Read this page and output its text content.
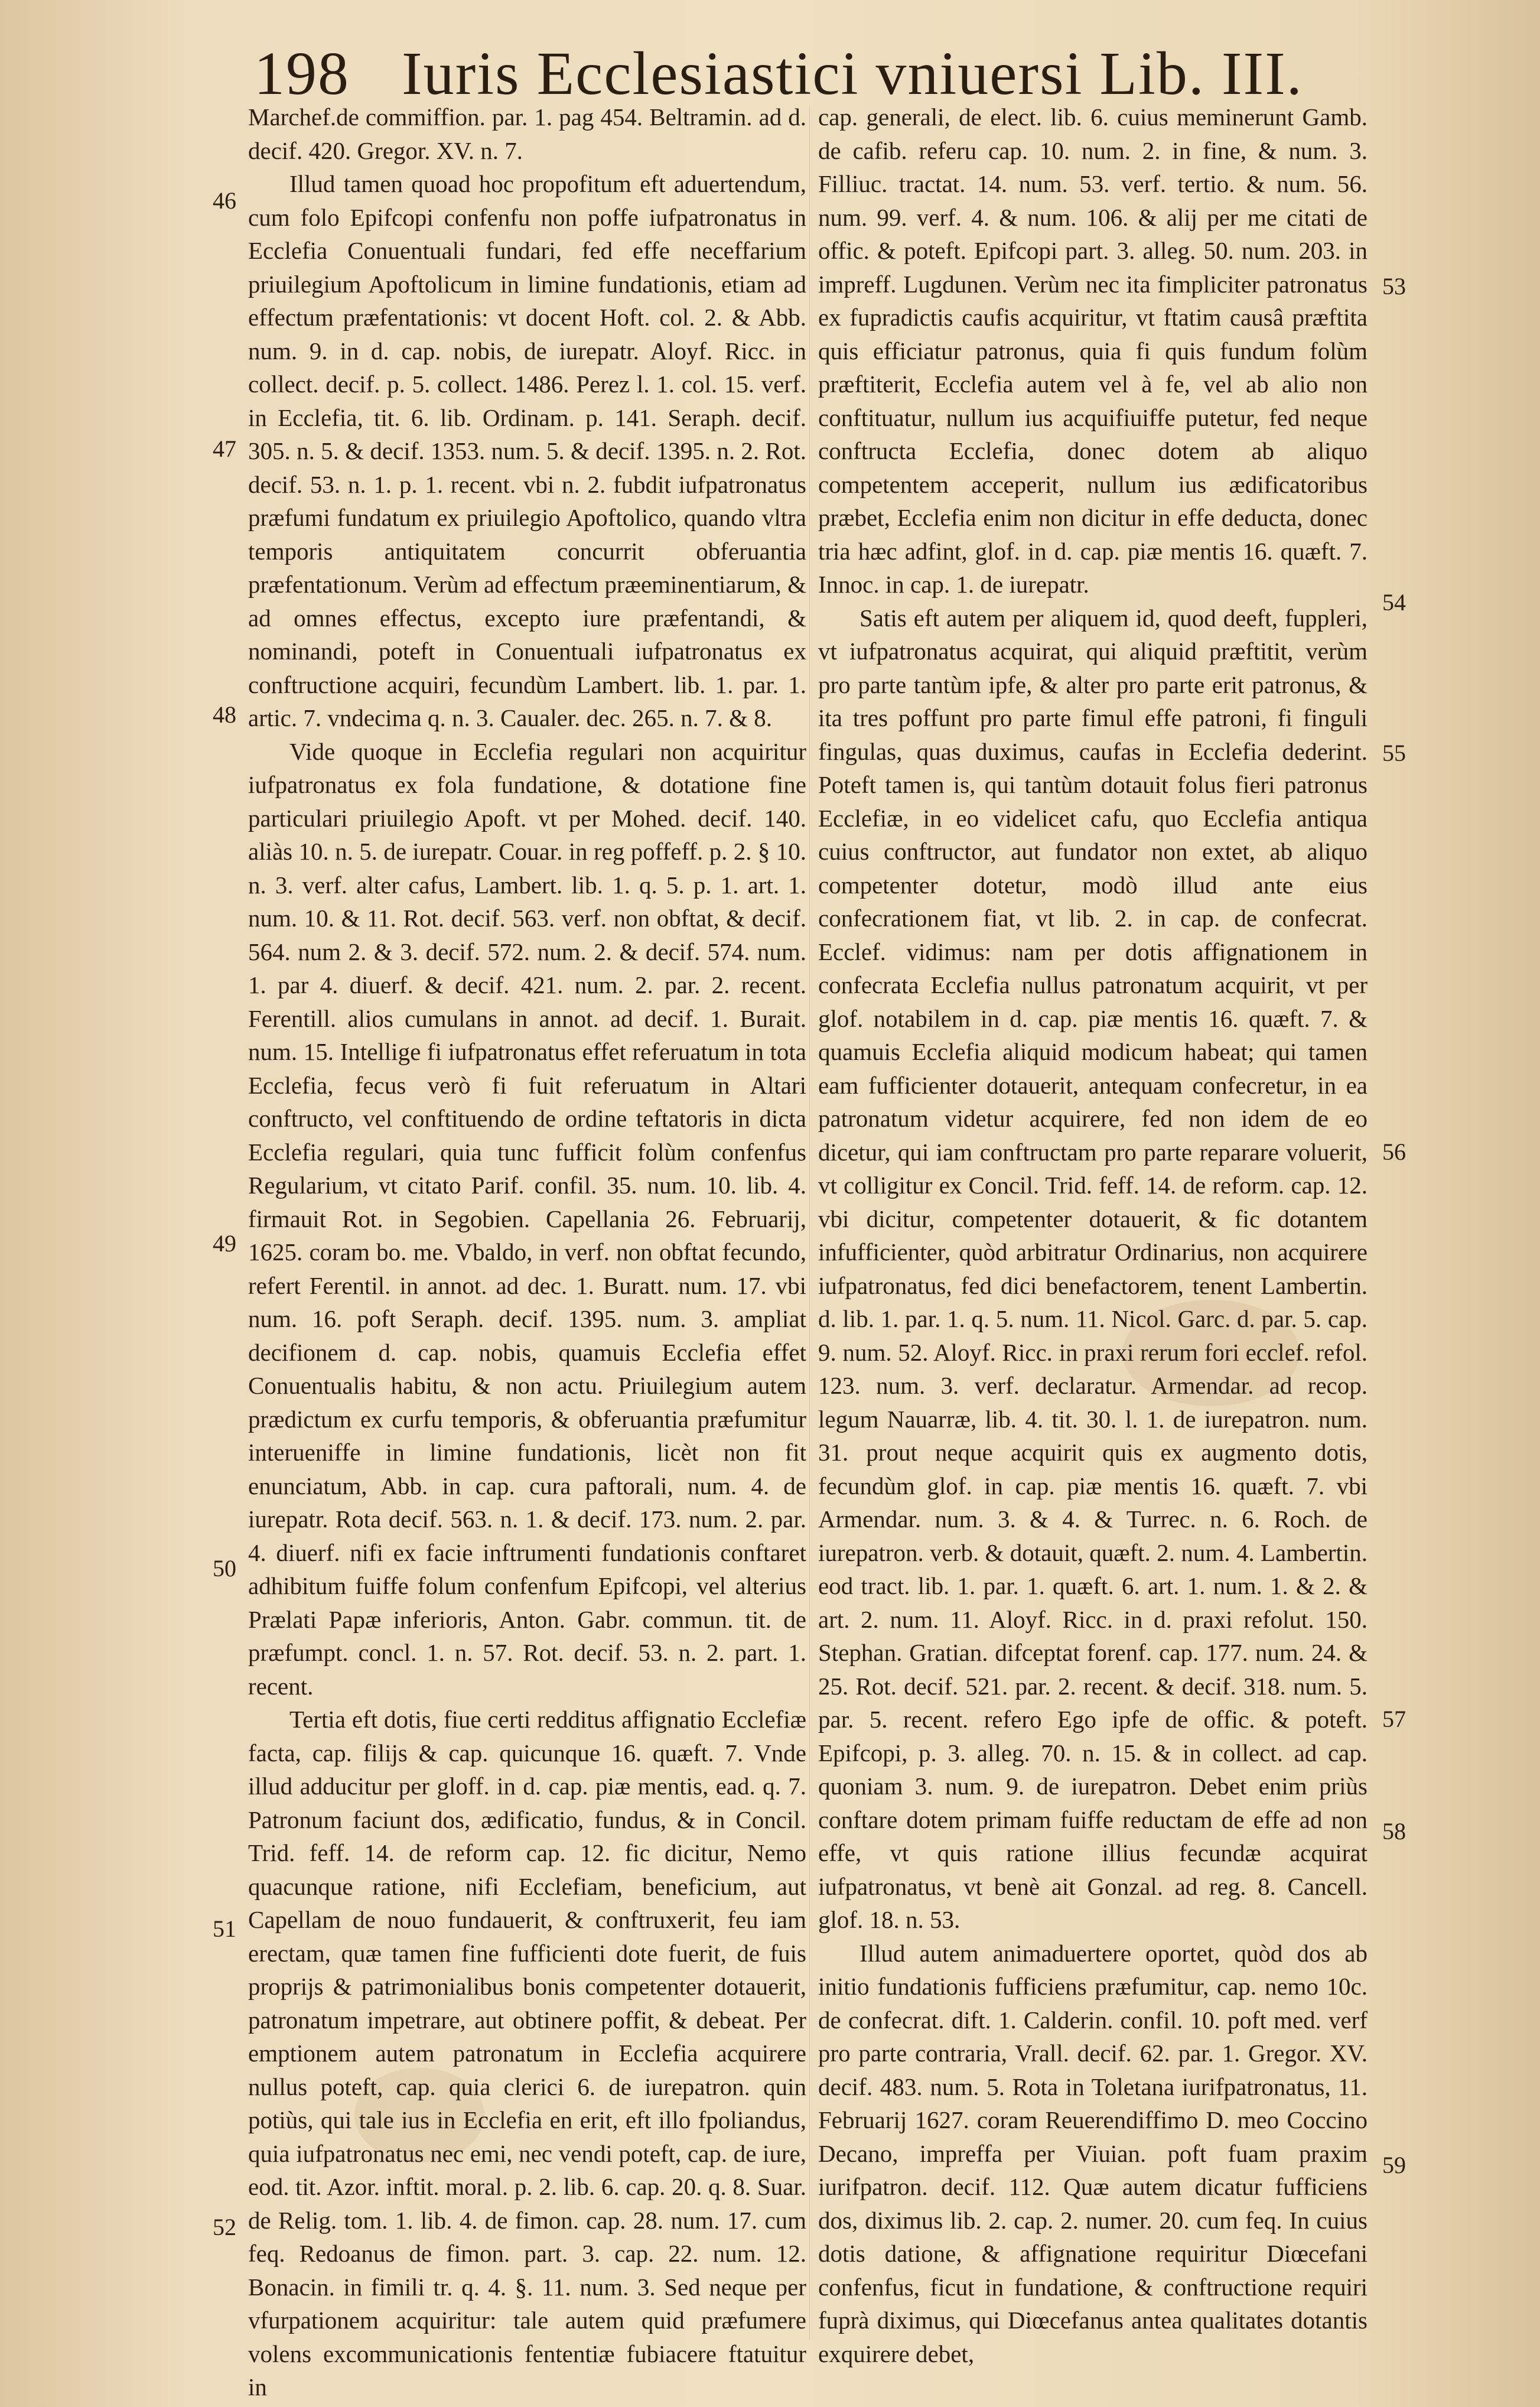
198 Iuris Ecclesiastici vniuersi Lib. III.

Marchef.de commiffion. par. 1. pag 454. Beltramin. ad d. decif. 420. Gregor. XV. n. 7.

Illud tamen quoad hoc propofitum eft aduertendum, cum folo Epifcopi confenfu non poffe iufpatronatus in Ecclefia Conuentuali fundari, fed effe neceffarium priuilegium Apoftolicum in limine fundationis, etiam ad effectum præfentationis: vt docent Hoft. col. 2. & Abb. num. 9. in d. cap. nobis, de iurepatr. Aloyf. Ricc. in collect. decif. p. 5. collect. 1486. Perez l. 1. col. 15. verf. in Ecclefia, tit. 6. lib. Ordinam. p. 141. Seraph. decif. 305. n. 5. & decif. 1353. num. 5. & decif. 1395. n. 2. Rot. decif. 53. n. 1. p. 1. recent. vbi n. 2. fubdit iufpatronatus præfumi fundatum ex priuilegio Apoftolico, quando vltra temporis antiquitatem concurrit obferuantia præfentationum. Verùm ad effectum præeminentiarum, & ad omnes effectus, excepto iure præfentandi, & nominandi, poteft in Conuentuali iufpatronatus ex conftructione acquiri, fecundùm Lambert. lib. 1. par. 1. artic. 7. vndecima q. n. 3. Caualer. dec. 265. n. 7. & 8.

Vide quoque in Ecclefia regulari non acquiritur iufpatronatus ex fola fundatione, & dotatione fine particulari priuilegio Apoft. vt per Mohed. decif. 140. aliàs 10. n. 5. de iurepatr. Couar. in reg poffeff. p. 2. § 10. n. 3. verf. alter cafus, Lambert. lib. 1. q. 5. p. 1. art. 1. num. 10. & 11. Rot. decif. 563. verf. non obftat, & decif. 564. num 2. & 3. decif. 572. num. 2. & decif. 574. num. 1. par 4. diuerf. & decif. 421. num. 2. par. 2. recent. Ferentill. alios cumulans in annot. ad decif. 1. Burait. num. 15. Intellige fi iufpatronatus effet referuatum in tota Ecclefia, fecus verò fi fuit referuatum in Altari conftructo, vel conftituendo de ordine teftatoris in dicta Ecclefia regulari, quia tunc fufficit folùm confenfus Regularium, vt citato Parif. confil. 35. num. 10. lib. 4. firmauit Rot. in Segobien. Capellania 26. Februarij, 1625. coram bo. me. Vbaldo, in verf. non obftat fecundo, refert Ferentil. in annot. ad dec. 1. Buratt. num. 17. vbi num. 16. poft Seraph. decif. 1395. num. 3. ampliat decifionem d. cap. nobis, quamuis Ecclefia effet Conuentualis habitu, & non actu. Priuilegium autem prædictum ex curfu temporis, & obferuantia præfumitur interueniffe in limine fundationis, licèt non fit enunciatum, Abb. in cap. cura paftorali, num. 4. de iurepatr. Rota decif. 563. n. 1. & decif. 173. num. 2. par. 4. diuerf. nifi ex facie inftrumenti fundationis conftaret adhibitum fuiffe folum confenfum Epifcopi, vel alterius Prælati Papæ inferioris, Anton. Gabr. commun. tit. de præfumpt. concl. 1. n. 57. Rot. decif. 53. n. 2. part. 1. recent.

Tertia eft dotis, fiue certi redditus affignatio Ecclefiæ facta, cap. filijs & cap. quicunque 16. quæft. 7. Vnde illud adducitur per gloff. in d. cap. piæ mentis, ead. q. 7. Patronum faciunt dos, ædificatio, fundus, & in Concil. Trid. feff. 14. de reform cap. 12. fic dicitur, Nemo quacunque ratione, nifi Ecclefiam, beneficium, aut Capellam de nouo fundauerit, & conftruxerit, feu iam erectam, quæ tamen fine fufficienti dote fuerit, de fuis proprijs & patrimonialibus bonis competenter dotauerit, patronatum impetrare, aut obtinere poffit, & debeat. Per emptionem autem patronatum in Ecclefia acquirere nullus poteft, cap. quia clerici 6. de iurepatron. quin potiùs, qui tale ius in Ecclefia en erit, eft illo fpoliandus, quia iufpatronatus nec emi, nec vendi poteft, cap. de iure, eod. tit. Azor. inftit. moral. p. 2. lib. 6. cap. 20. q. 8. Suar. de Relig. tom. 1. lib. 4. de fimon. cap. 28. num. 17. cum feq. Redoanus de fimon. part. 3. cap. 22. num. 12. Bonacin. in fimili tr. q. 4. §. 11. num. 3. Sed neque per vfurpationem acquiritur: tale autem quid præfumere volens excommunicationis fententiæ fubiacere ftatuitur in

cap. generali, de elect. lib. 6. cuius meminerunt Gamb. de cafib. referu cap. 10. num. 2. in fine, & num. 3. Filliuc. tractat. 14. num. 53. verf. tertio. & num. 56. num. 99. verf. 4. & num. 106. & alij per me citati de offic. & poteft. Epifcopi part. 3. alleg. 50. num. 203. in impreff. Lugdunen. Verùm nec ita fimpliciter patronatus ex fupradictis caufis acquiritur, vt ftatim causâ præftita quis efficiatur patronus, quia fi quis fundum folùm præftiterit, Ecclefia autem vel à fe, vel ab alio non conftituatur, nullum ius acquifiuiffe putetur, fed neque conftructa Ecclefia, donec dotem ab aliquo competentem acceperit, nullum ius ædificatoribus præbet, Ecclefia enim non dicitur in effe deducta, donec tria hæc adfint, glof. in d. cap. piæ mentis 16. quæft. 7. Innoc. in cap. 1. de iurepatr.

Satis eft autem per aliquem id, quod deeft, fuppleri, vt iufpatronatus acquirat, qui aliquid præftitit, verùm pro parte tantùm ipfe, & alter pro parte erit patronus, & ita tres poffunt pro parte fimul effe patroni, fi finguli fingulas, quas duximus, caufas in Ecclefia dederint. Poteft tamen is, qui tantùm dotauit folus fieri patronus Ecclefiæ, in eo videlicet cafu, quo Ecclefia antiqua cuius conftructor, aut fundator non extet, ab aliquo competenter dotetur, modò illud ante eius confecrationem fiat, vt lib. 2. in cap. de confecrat. Ecclef. vidimus: nam per dotis affignationem in confecrata Ecclefia nullus patronatum acquirit, vt per glof. notabilem in d. cap. piæ mentis 16. quæft. 7. & quamuis Ecclefia aliquid modicum habeat; qui tamen eam fufficienter dotauerit, antequam confecretur, in ea patronatum videtur acquirere, fed non idem de eo dicetur, qui iam conftructam pro parte reparare voluerit, vt colligitur ex Concil. Trid. feff. 14. de reform. cap. 12. vbi dicitur, competenter dotauerit, & fic dotantem infufficienter, quòd arbitratur Ordinarius, non acquirere iufpatronatus, fed dici benefactorem, tenent Lambertin. d. lib. 1. par. 1. q. 5. num. 11. Nicol. Garc. d. par. 5. cap. 9. num. 52. Aloyf. Ricc. in praxi rerum fori ecclef. refol. 123. num. 3. verf. declaratur. Armendar. ad recop. legum Nauarræ, lib. 4. tit. 30. l. 1. de iurepatron. num. 31. prout neque acquirit quis ex augmento dotis, fecundùm glof. in cap. piæ mentis 16. quæft. 7. vbi Armendar. num. 3. & 4. & Turrec. n. 6. Roch. de iurepatron. verb. & dotauit, quæft. 2. num. 4. Lambertin. eod tract. lib. 1. par. 1. quæft. 6. art. 1. num. 1. & 2. & art. 2. num. 11. Aloyf. Ricc. in d. praxi refolut. 150. Stephan. Gratian. difceptat forenf. cap. 177. num. 24. & 25. Rot. decif. 521. par. 2. recent. & decif. 318. num. 5. par. 5. recent. refero Ego ipfe de offic. & poteft. Epifcopi, p. 3. alleg. 70. n. 15. & in collect. ad cap. quoniam 3. num. 9. de iurepatron. Debet enim priùs conftare dotem primam fuiffe reductam de effe ad non effe, vt quis ratione illius fecundæ acquirat iufpatronatus, vt benè ait Gonzal. ad reg. 8. Cancell. glof. 18. n. 53.

Illud autem animaduertere oportet, quòd dos ab initio fundationis fufficiens præfumitur, cap. nemo 10c. de confecrat. dift. 1. Calderin. confil. 10. poft med. verf pro parte contraria, Vrall. decif. 62. par. 1. Gregor. XV. decif. 483. num. 5. Rota in Toletana iurifpatronatus, 11. Februarij 1627. coram Reuerendiffimo D. meo Coccino Decano, impreffa per Viuian. poft fuam praxim iurifpatron. decif. 112. Quæ autem dicatur fufficiens dos, diximus lib. 2. cap. 2. numer. 20. cum feq. In cuius dotis datione, & affignatione requiritur Diœcefani confenfus, ficut in fundatione, & conftructione requiri fuprà diximus, qui Diœcefanus antea qualitates dotantis exquirere debet,

46
47
48
49
50
51
52
53
54
55
56
57
58
59
